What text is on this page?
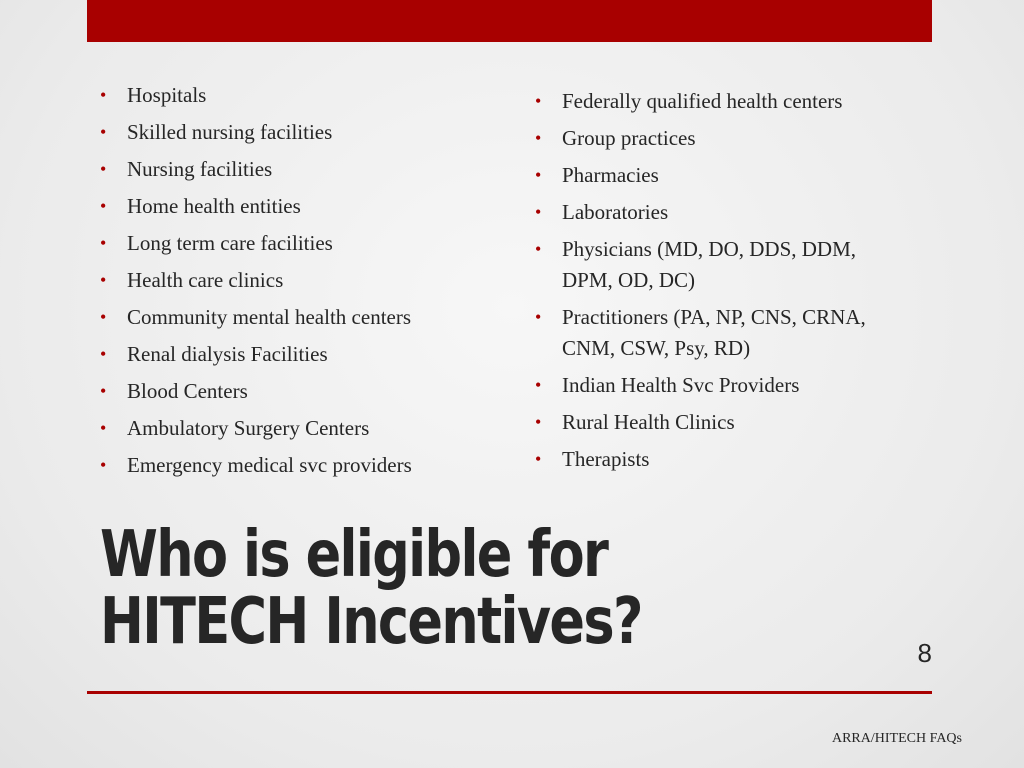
• Hospitals
• Skilled nursing facilities
• Nursing facilities
• Home health entities
• Long term care facilities
• Health care clinics
• Community mental health centers
• Renal dialysis Facilities
• Blood Centers
• Ambulatory Surgery Centers
• Emergency medical svc providers
• Federally qualified health centers
• Group practices
• Pharmacies
• Laboratories
• Physicians (MD, DO, DDS, DDM, DPM, OD, DC)
• Practitioners (PA, NP, CNS, CRNA, CNM, CSW, Psy, RD)
• Indian Health Svc Providers
• Rural Health Clinics
• Therapists
Who is eligible for HITECH Incentives?	8
ARRA/HITECH FAQs
